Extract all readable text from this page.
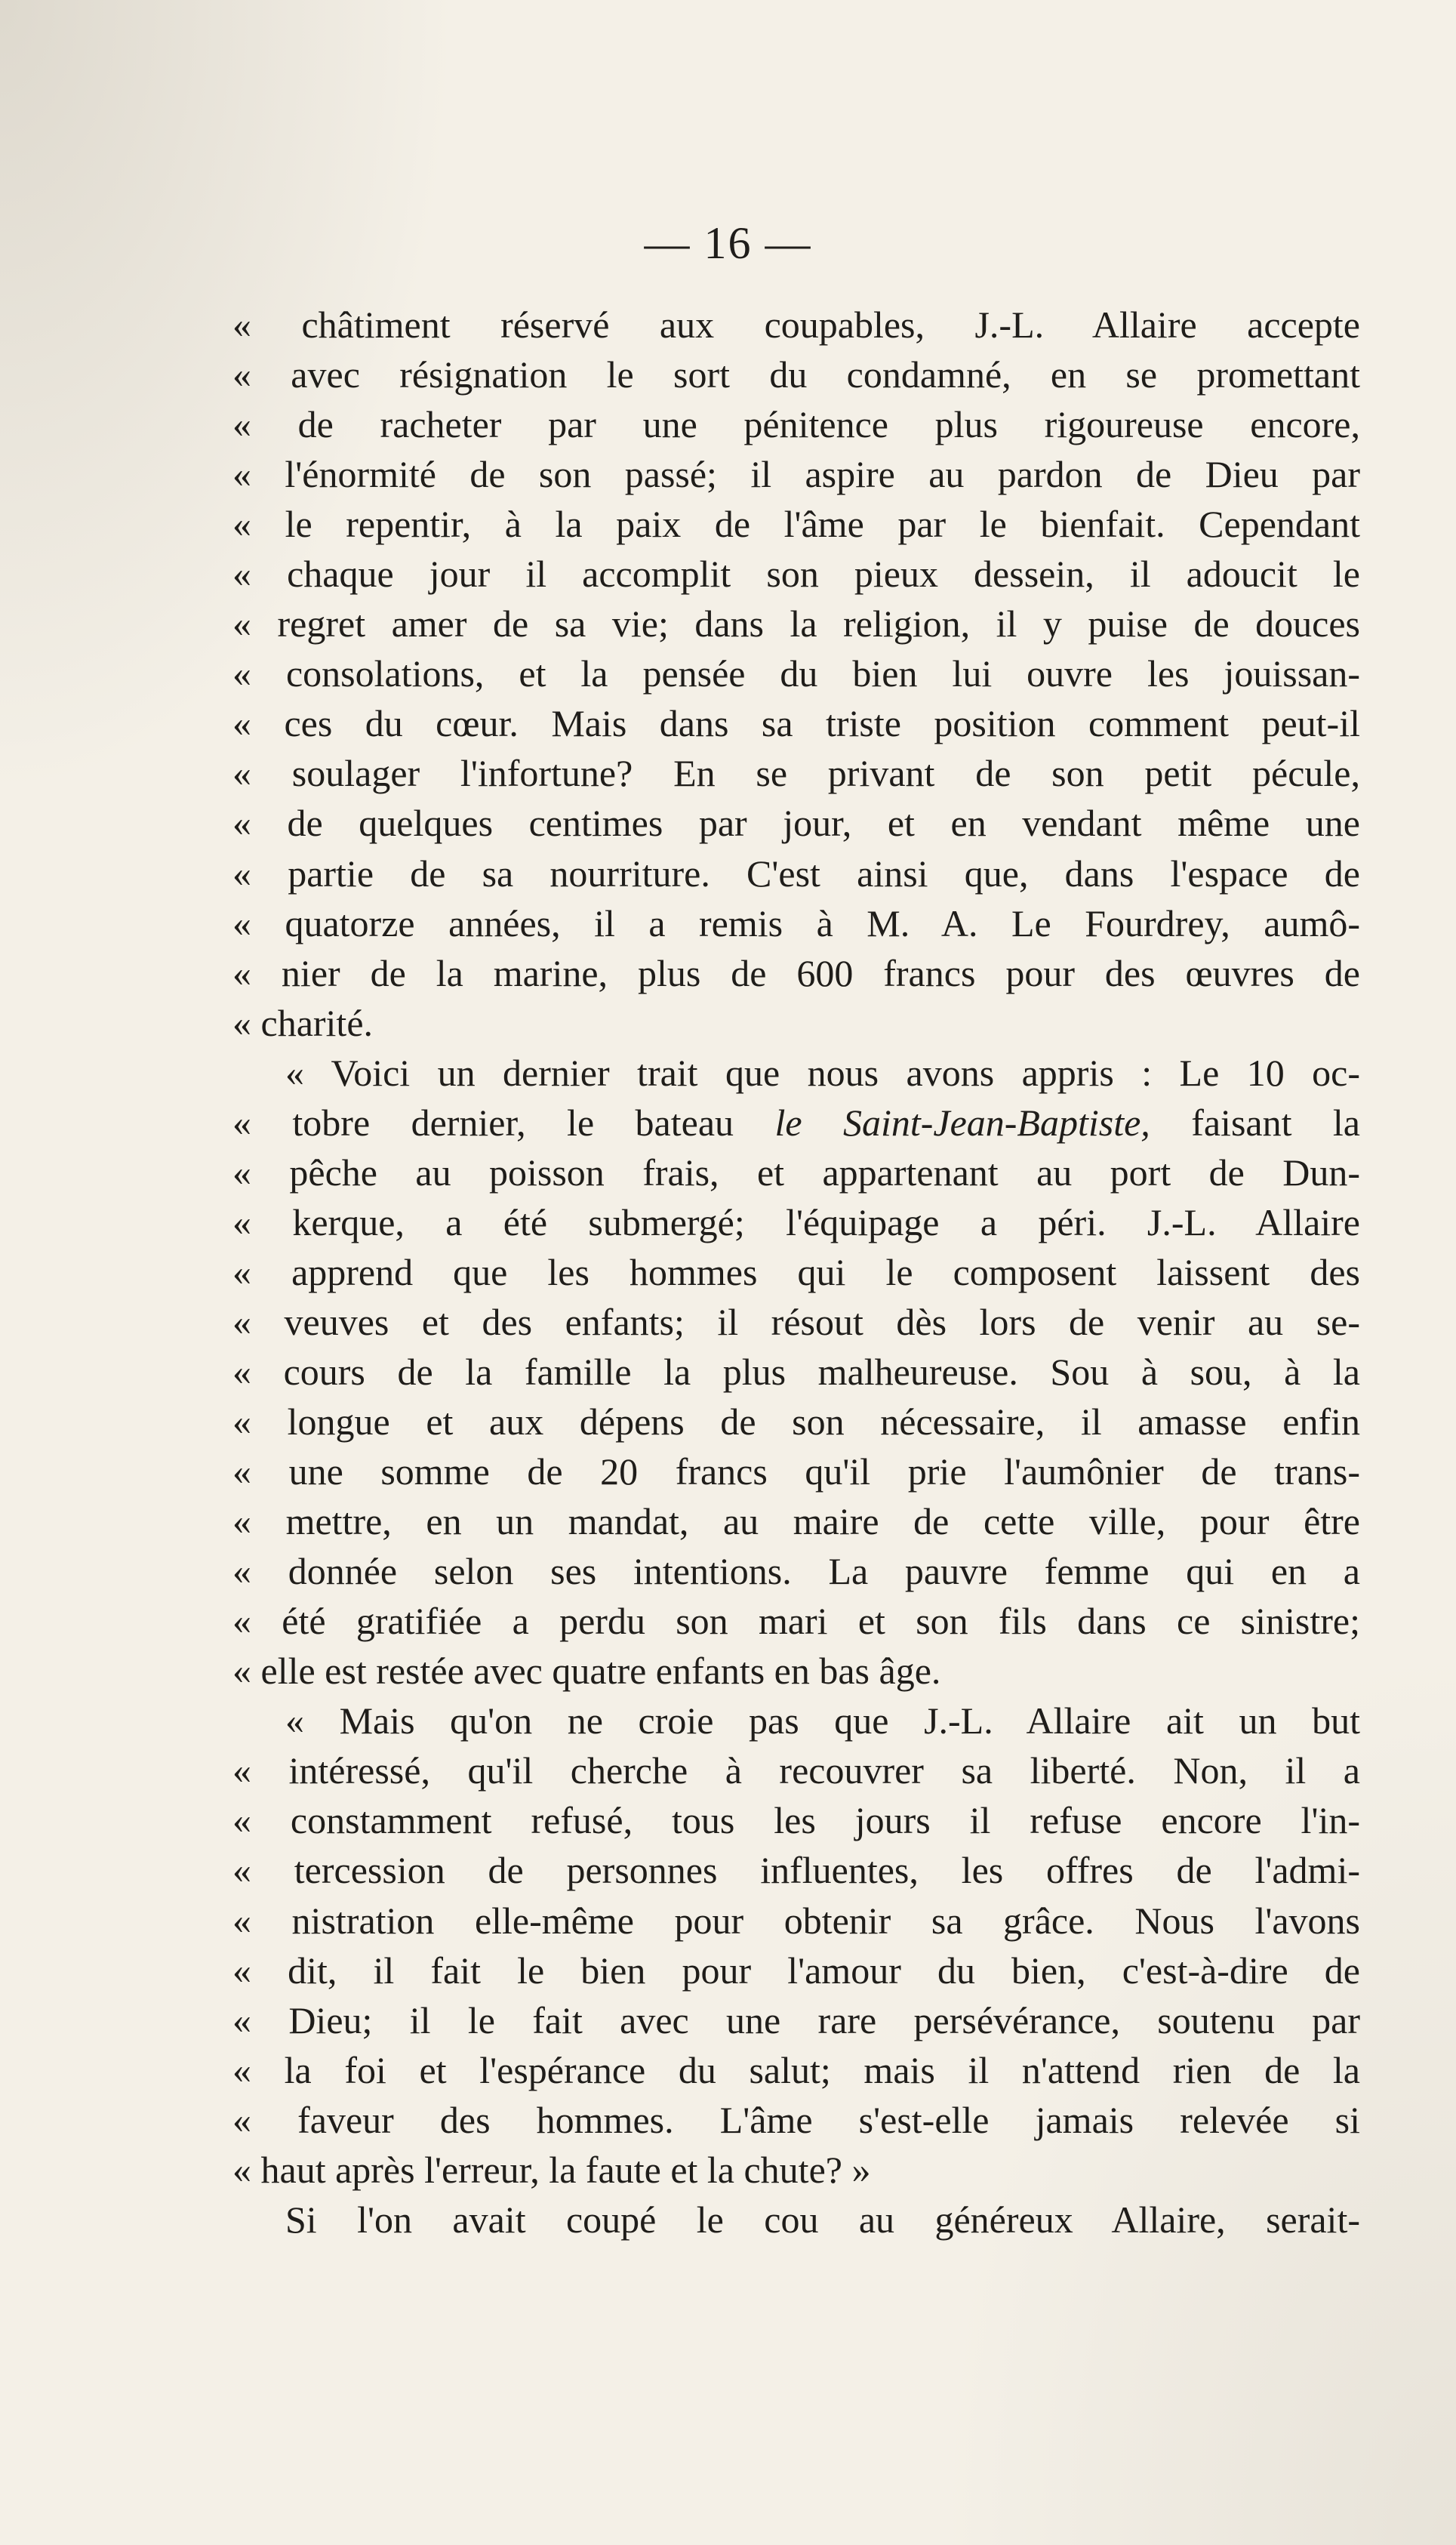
— 16 —
« châtiment réservé aux coupables, J.-L. Allaire accepte
« avec résignation le sort du condamné, en se promettant
« de racheter par une pénitence plus rigoureuse encore,
« l'énormité de son passé; il aspire au pardon de Dieu par
« le repentir, à la paix de l'âme par le bienfait. Cependant
« chaque jour il accomplit son pieux dessein, il adoucit le
« regret amer de sa vie; dans la religion, il y puise de douces
« consolations, et la pensée du bien lui ouvre les jouissan-
« ces du cœur. Mais dans sa triste position comment peut-il
« soulager l'infortune? En se privant de son petit pécule,
« de quelques centimes par jour, et en vendant même une
« partie de sa nourriture. C'est ainsi que, dans l'espace de
« quatorze années, il a remis à M. A. Le Fourdrey, aumô-
« nier de la marine, plus de 600 francs pour des œuvres de
« charité.
« Voici un dernier trait que nous avons appris : Le 10 oc-
« tobre dernier, le bateau le Saint-Jean-Baptiste, faisant la
« pêche au poisson frais, et appartenant au port de Dun-
« kerque, a été submergé; l'équipage a péri. J.-L. Allaire
« apprend que les hommes qui le composent laissent des
« veuves et des enfants; il résout dès lors de venir au se-
« cours de la famille la plus malheureuse. Sou à sou, à la
« longue et aux dépens de son nécessaire, il amasse enfin
« une somme de 20 francs qu'il prie l'aumônier de trans-
« mettre, en un mandat, au maire de cette ville, pour être
« donnée selon ses intentions. La pauvre femme qui en a
« été gratifiée a perdu son mari et son fils dans ce sinistre;
« elle est restée avec quatre enfants en bas âge.
« Mais qu'on ne croie pas que J.-L. Allaire ait un but
« intéressé, qu'il cherche à recouvrer sa liberté. Non, il a
« constamment refusé, tous les jours il refuse encore l'in-
« tercession de personnes influentes, les offres de l'admi-
« nistration elle-même pour obtenir sa grâce. Nous l'avons
« dit, il fait le bien pour l'amour du bien, c'est-à-dire de
« Dieu; il le fait avec une rare persévérance, soutenu par
« la foi et l'espérance du salut; mais il n'attend rien de la
« faveur des hommes. L'âme s'est-elle jamais relevée si
« haut après l'erreur, la faute et la chute? »
Si l'on avait coupé le cou au généreux Allaire, serait-
